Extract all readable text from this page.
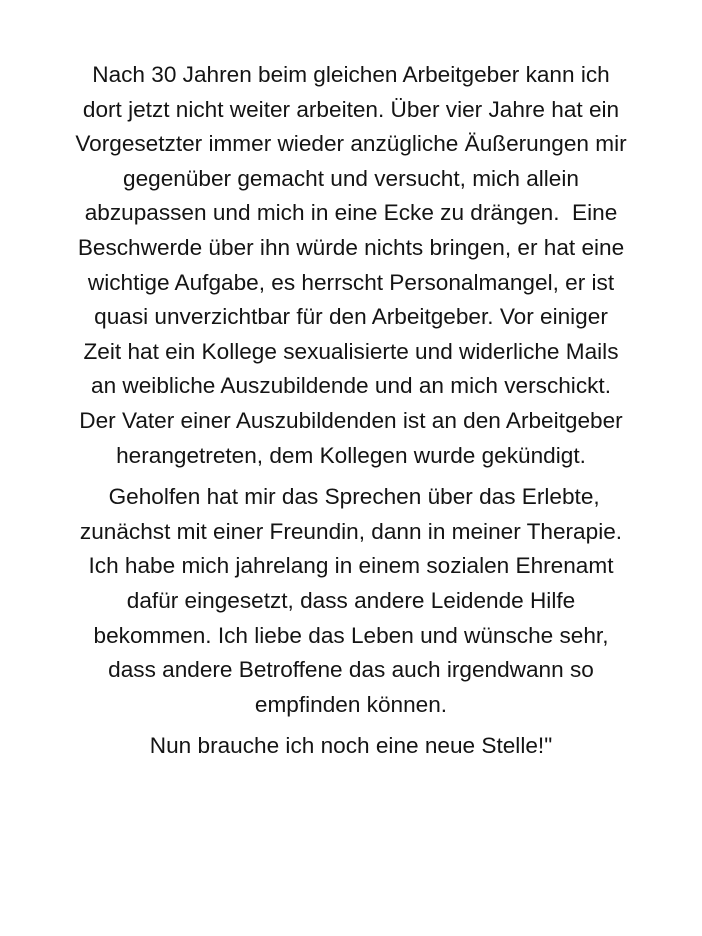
Nach 30 Jahren beim gleichen Arbeitgeber kann ich
dort jetzt nicht weiter arbeiten. Über vier Jahre hat ein
Vorgesetzter immer wieder anzügliche Äußerungen mir
gegenüber gemacht und versucht, mich allein
abzupassen und mich in eine Ecke zu drängen.  Eine
Beschwerde über ihn würde nichts bringen, er hat eine
wichtige Aufgabe, es herrscht Personalmangel, er ist
quasi unverzichtbar für den Arbeitgeber. Vor einiger
Zeit hat ein Kollege sexualisierte und widerliche Mails
an weibliche Auszubildende und an mich verschickt.
Der Vater einer Auszubildenden ist an den Arbeitgeber
herangetreten, dem Kollegen wurde gekündigt.

Geholfen hat mir das Sprechen über das Erlebte,
zunächst mit einer Freundin, dann in meiner Therapie.
Ich habe mich jahrelang in einem sozialen Ehrenamt
dafür eingesetzt, dass andere Leidende Hilfe
bekommen. Ich liebe das Leben und wünsche sehr,
dass andere Betroffene das auch irgendwann so
empfinden können.

Nun brauche ich noch eine neue Stelle!"
